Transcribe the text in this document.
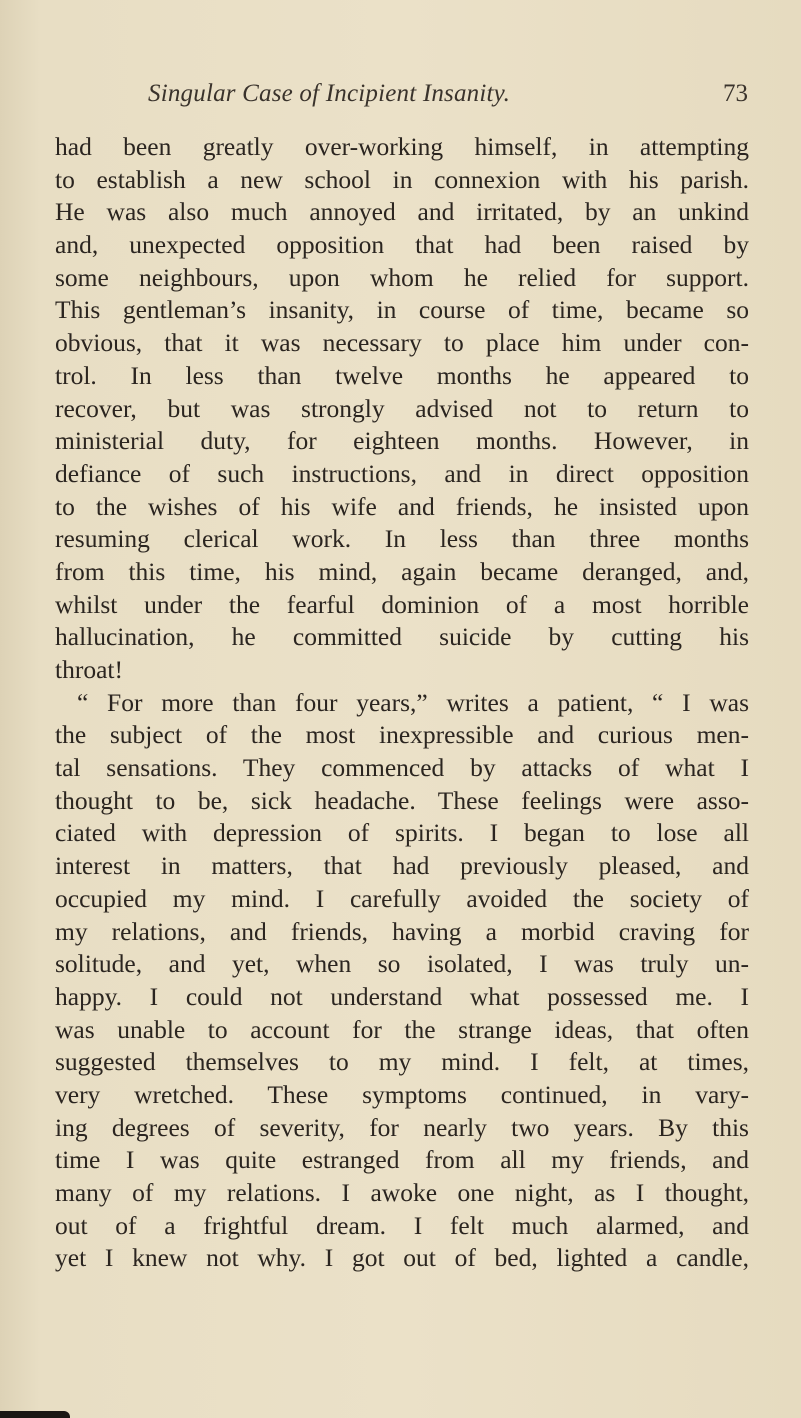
Singular Case of Incipient Insanity.	73
had been greatly over-working himself, in attempting
to establish a new school in connexion with his parish.
He was also much annoyed and irritated, by an unkind
and, unexpected opposition that had been raised by
some neighbours, upon whom he relied for support.
This gentleman’s insanity, in course of time, became so
obvious, that it was necessary to place him under con-
trol. In less than twelve months he appeared to
recover, but was strongly advised not to return to
ministerial duty, for eighteen months. However, in
defiance of such instructions, and in direct opposition
to the wishes of his wife and friends, he insisted upon
resuming clerical work. In less than three months
from this time, his mind, again became deranged, and,
whilst under the fearful dominion of a most horrible
hallucination, he committed suicide by cutting his
throat!
“ For more than four years,” writes a patient, “ I was
the subject of the most inexpressible and curious men-
tal sensations. They commenced by attacks of what I
thought to be, sick headache. These feelings were asso-
ciated with depression of spirits. I began to lose all
interest in matters, that had previously pleased, and
occupied my mind. I carefully avoided the society of
my relations, and friends, having a morbid craving for
solitude, and yet, when so isolated, I was truly un-
happy. I could not understand what possessed me. I
was unable to account for the strange ideas, that often
suggested themselves to my mind. I felt, at times,
very wretched. These symptoms continued, in vary-
ing degrees of severity, for nearly two years. By this
time I was quite estranged from all my friends, and
many of my relations. I awoke one night, as I thought,
out of a frightful dream. I felt much alarmed, and
yet I knew not why. I got out of bed, lighted a candle,
